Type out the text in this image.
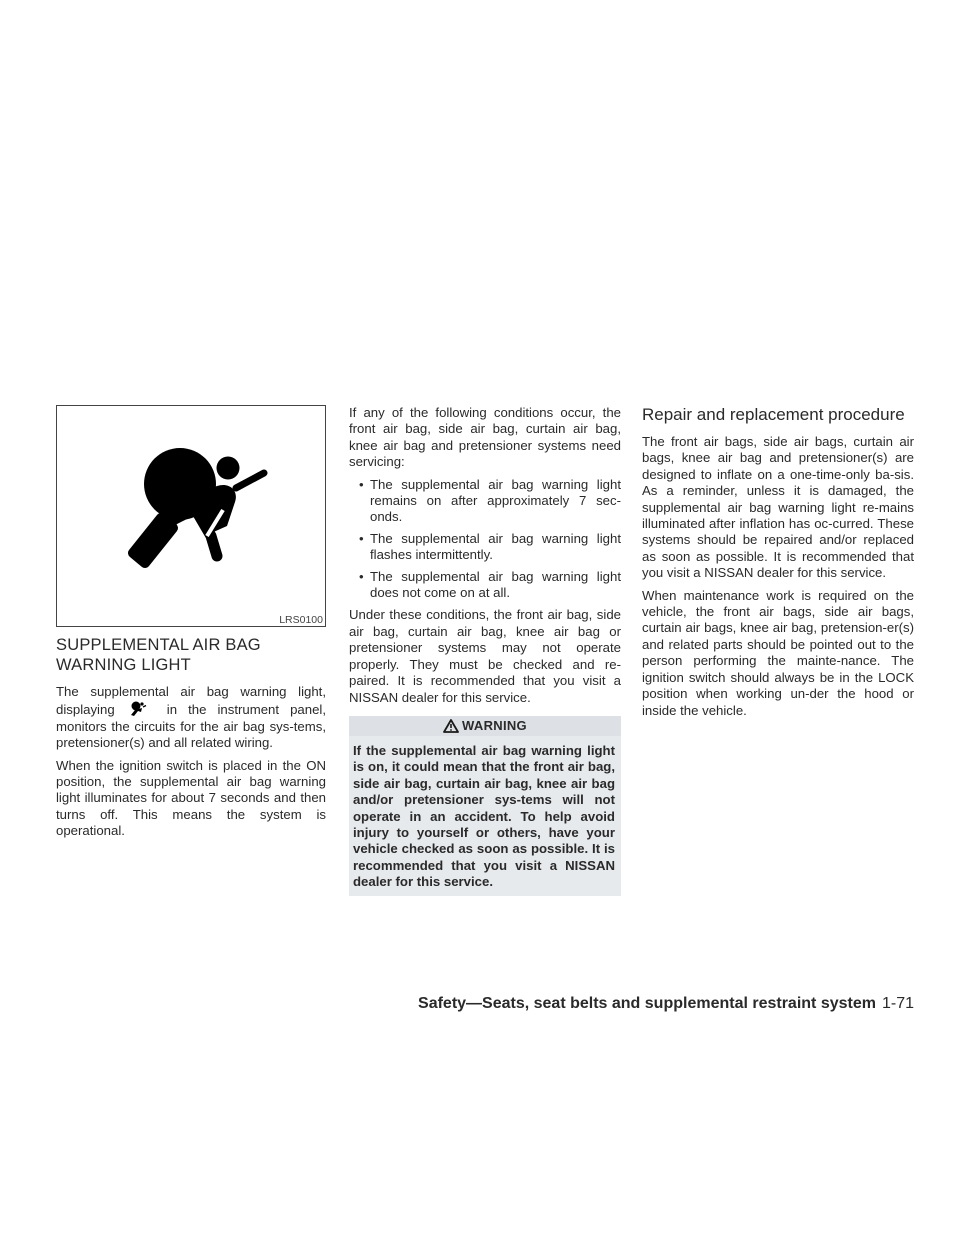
LRS0100
SUPPLEMENTAL AIR BAG WARNING LIGHT

The supplemental air bag warning light, displaying	in the instrument panel, monitors the circuits for the air bag sys-tems, pretensioner(s) and all related wiring.

When the ignition switch is placed in the ON position, the supplemental air bag warning light illuminates for about 7 seconds and then turns off. This means the system is operational.

If any of the following conditions occur, the front air bag, side air bag, curtain air bag, knee air bag and pretensioner systems need servicing:

• The supplemental air bag warning light remains on after approximately 7 sec-onds.
• The supplemental air bag warning light flashes intermittently.
• The supplemental air bag warning light does not come on at all.

Under these conditions, the front air bag, side air bag, curtain air bag, knee air bag or pretensioner systems may not operate properly. They must be checked and re-paired. It is recommended that you visit a NISSAN dealer for this service.

WARNING
If the supplemental air bag warning light is on, it could mean that the front air bag, side air bag, curtain air bag, knee air bag and/or pretensioner sys-tems will not operate in an accident. To help avoid injury to yourself or others, have your vehicle checked as soon as possible. It is recommended that you visit a NISSAN dealer for this service.
Repair and replacement procedure

The front air bags, side air bags, curtain air bags, knee air bag and pretensioner(s) are designed to inflate on a one-time-only ba-sis. As a reminder, unless it is damaged, the supplemental air bag warning light re-mains illuminated after inflation has oc-curred. These systems should be repaired and/or replaced as soon as possible. It is recommended that you visit a NISSAN dealer for this service.

When maintenance work is required on the vehicle, the front air bags, side air bags, curtain air bags, knee air bag, pretension-er(s) and related parts should be pointed out to the person performing the mainte-nance. The ignition switch should always be in the LOCK position when working un-der the hood or inside the vehicle.

Safety—Seats, seat belts and supplemental restraint system 1-71
